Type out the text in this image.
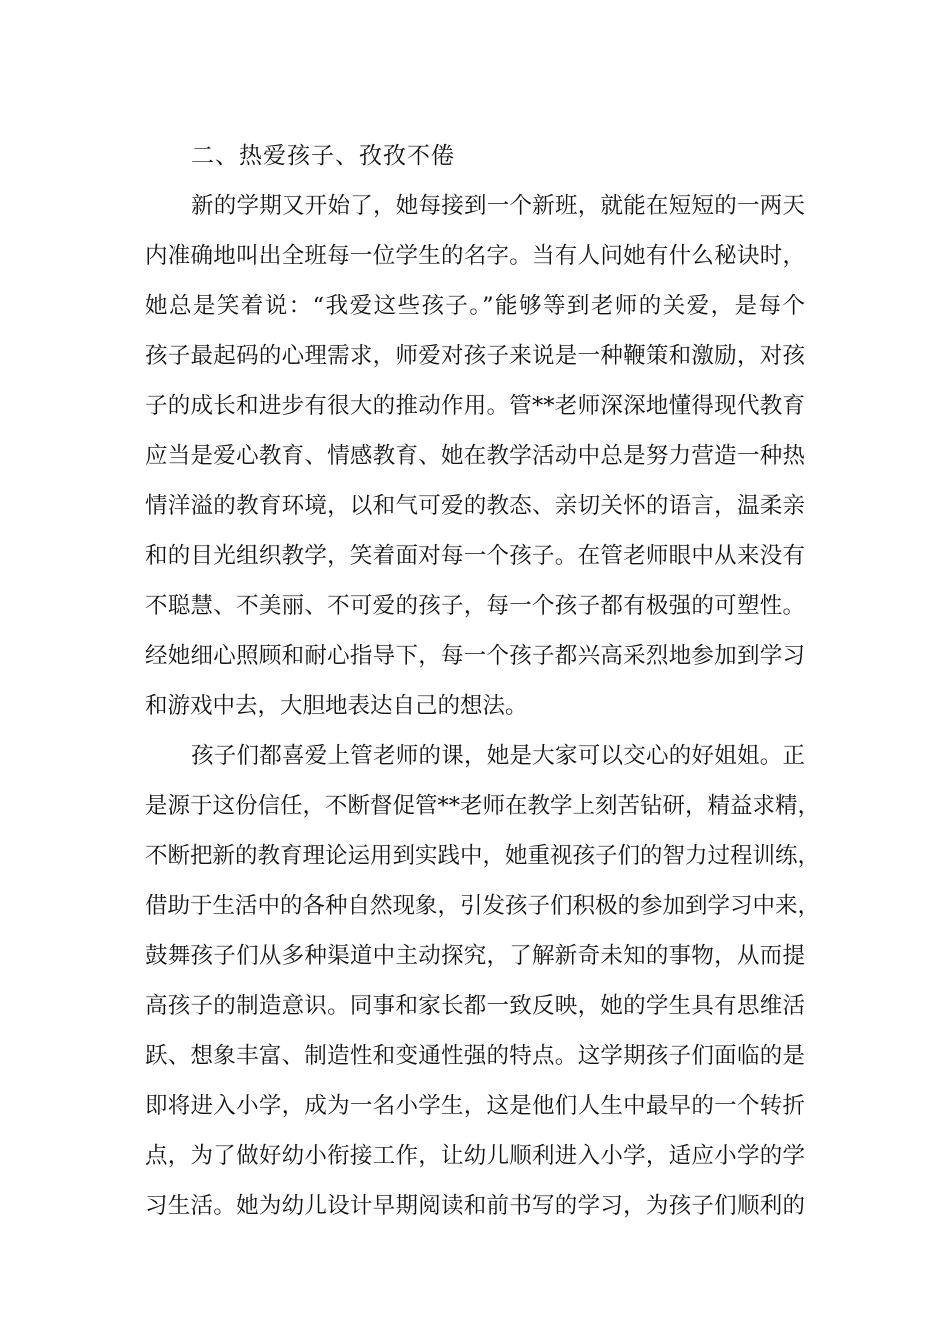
二、热爱孩子、孜孜不倦
新的学期又开始了，她每接到一个新班，就能在短短的一两天
内准确地叫出全班每一位学生的名字。当有人问她有什么秘诀时，
她总是笑着说：“我爱这些孩子。”能够等到老师的关爱，是每个
孩子最起码的心理需求，师爱对孩子来说是一种鞭策和激励，对孩
子的成长和进步有很大的推动作用。管**老师深深地懂得现代教育
应当是爱心教育、情感教育、她在教学活动中总是努力营造一种热
情洋溢的教育环境，以和气可爱的教态、亲切关怀的语言，温柔亲
和的目光组织教学，笑着面对每一个孩子。在管老师眼中从来没有
不聪慧、不美丽、不可爱的孩子，每一个孩子都有极强的可塑性。
经她细心照顾和耐心指导下，每一个孩子都兴高采烈地参加到学习
和游戏中去，大胆地表达自己的想法。
孩子们都喜爱上管老师的课，她是大家可以交心的好姐姐。正
是源于这份信任，不断督促管**老师在教学上刻苦钻研，精益求精，
不断把新的教育理论运用到实践中，她重视孩子们的智力过程训练，
借助于生活中的各种自然现象，引发孩子们积极的参加到学习中来，
鼓舞孩子们从多种渠道中主动探究，了解新奇未知的事物，从而提
高孩子的制造意识。同事和家长都一致反映，她的学生具有思维活
跃、想象丰富、制造性和变通性强的特点。这学期孩子们面临的是
即将进入小学，成为一名小学生，这是他们人生中最早的一个转折
点，为了做好幼小衔接工作，让幼儿顺利进入小学，适应小学的学
习生活。她为幼儿设计早期阅读和前书写的学习，为孩子们顺利的
